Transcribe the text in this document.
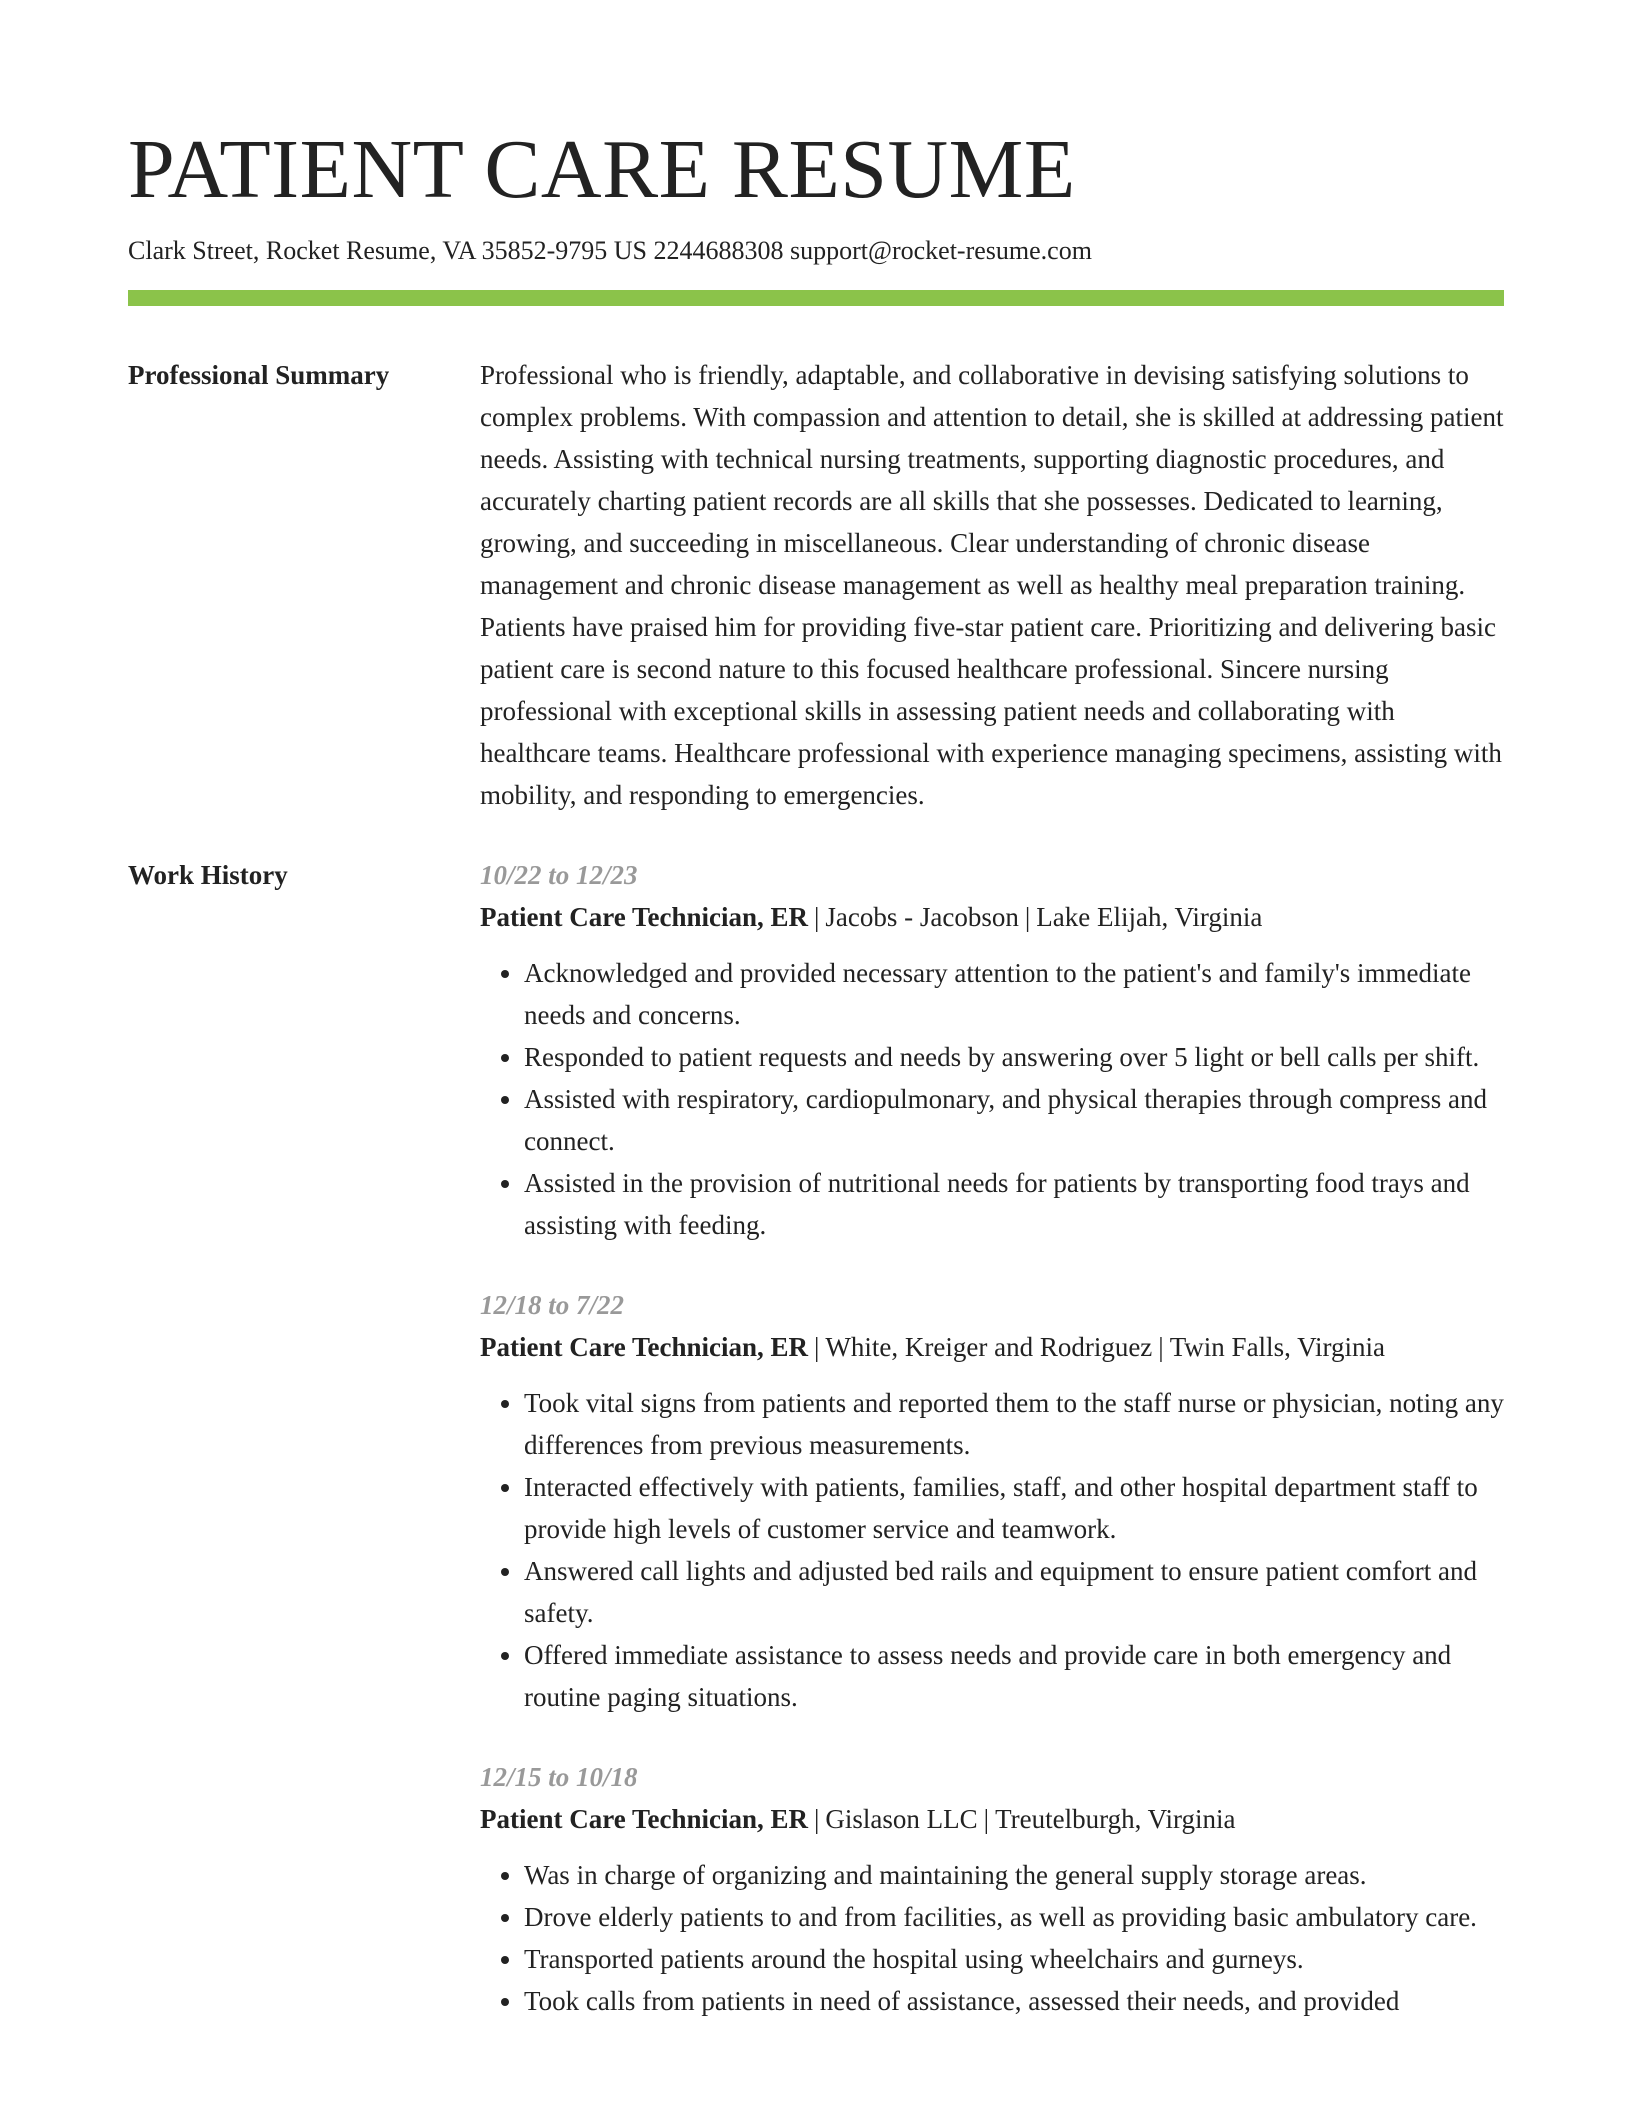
PATIENT CARE RESUME
Clark Street, Rocket Resume, VA 35852-9795 US 2244688308 support@rocket-resume.com
Professional Summary	Professional who is friendly, adaptable, and collaborative in devising satisfying solutions to complex problems. With compassion and attention to detail, she is skilled at addressing patient needs. Assisting with technical nursing treatments, supporting diagnostic procedures, and accurately charting patient records are all skills that she possesses. Dedicated to learning, growing, and succeeding in miscellaneous. Clear understanding of chronic disease management and chronic disease management as well as healthy meal preparation training. Patients have praised him for providing five-star patient care. Prioritizing and delivering basic patient care is second nature to this focused healthcare professional. Sincere nursing professional with exceptional skills in assessing patient needs and collaborating with healthcare teams. Healthcare professional with experience managing specimens, assisting with mobility, and responding to emergencies.

Work History	10/22 to 12/23
Patient Care Technician, ER | Jacobs - Jacobson | Lake Elijah, Virginia
• Acknowledged and provided necessary attention to the patient's and family's immediate needs and concerns.
• Responded to patient requests and needs by answering over 5 light or bell calls per shift.
• Assisted with respiratory, cardiopulmonary, and physical therapies through compress and connect.
• Assisted in the provision of nutritional needs for patients by transporting food trays and assisting with feeding.
12/18 to 7/22
Patient Care Technician, ER | White, Kreiger and Rodriguez | Twin Falls, Virginia
• Took vital signs from patients and reported them to the staff nurse or physician, noting any differences from previous measurements.
• Interacted effectively with patients, families, staff, and other hospital department staff to provide high levels of customer service and teamwork.
• Answered call lights and adjusted bed rails and equipment to ensure patient comfort and safety.
• Offered immediate assistance to assess needs and provide care in both emergency and routine paging situations.
12/15 to 10/18
Patient Care Technician, ER | Gislason LLC | Treutelburgh, Virginia
• Was in charge of organizing and maintaining the general supply storage areas.
• Drove elderly patients to and from facilities, as well as providing basic ambulatory care.
• Transported patients around the hospital using wheelchairs and gurneys.
• Took calls from patients in need of assistance, assessed their needs, and provided
